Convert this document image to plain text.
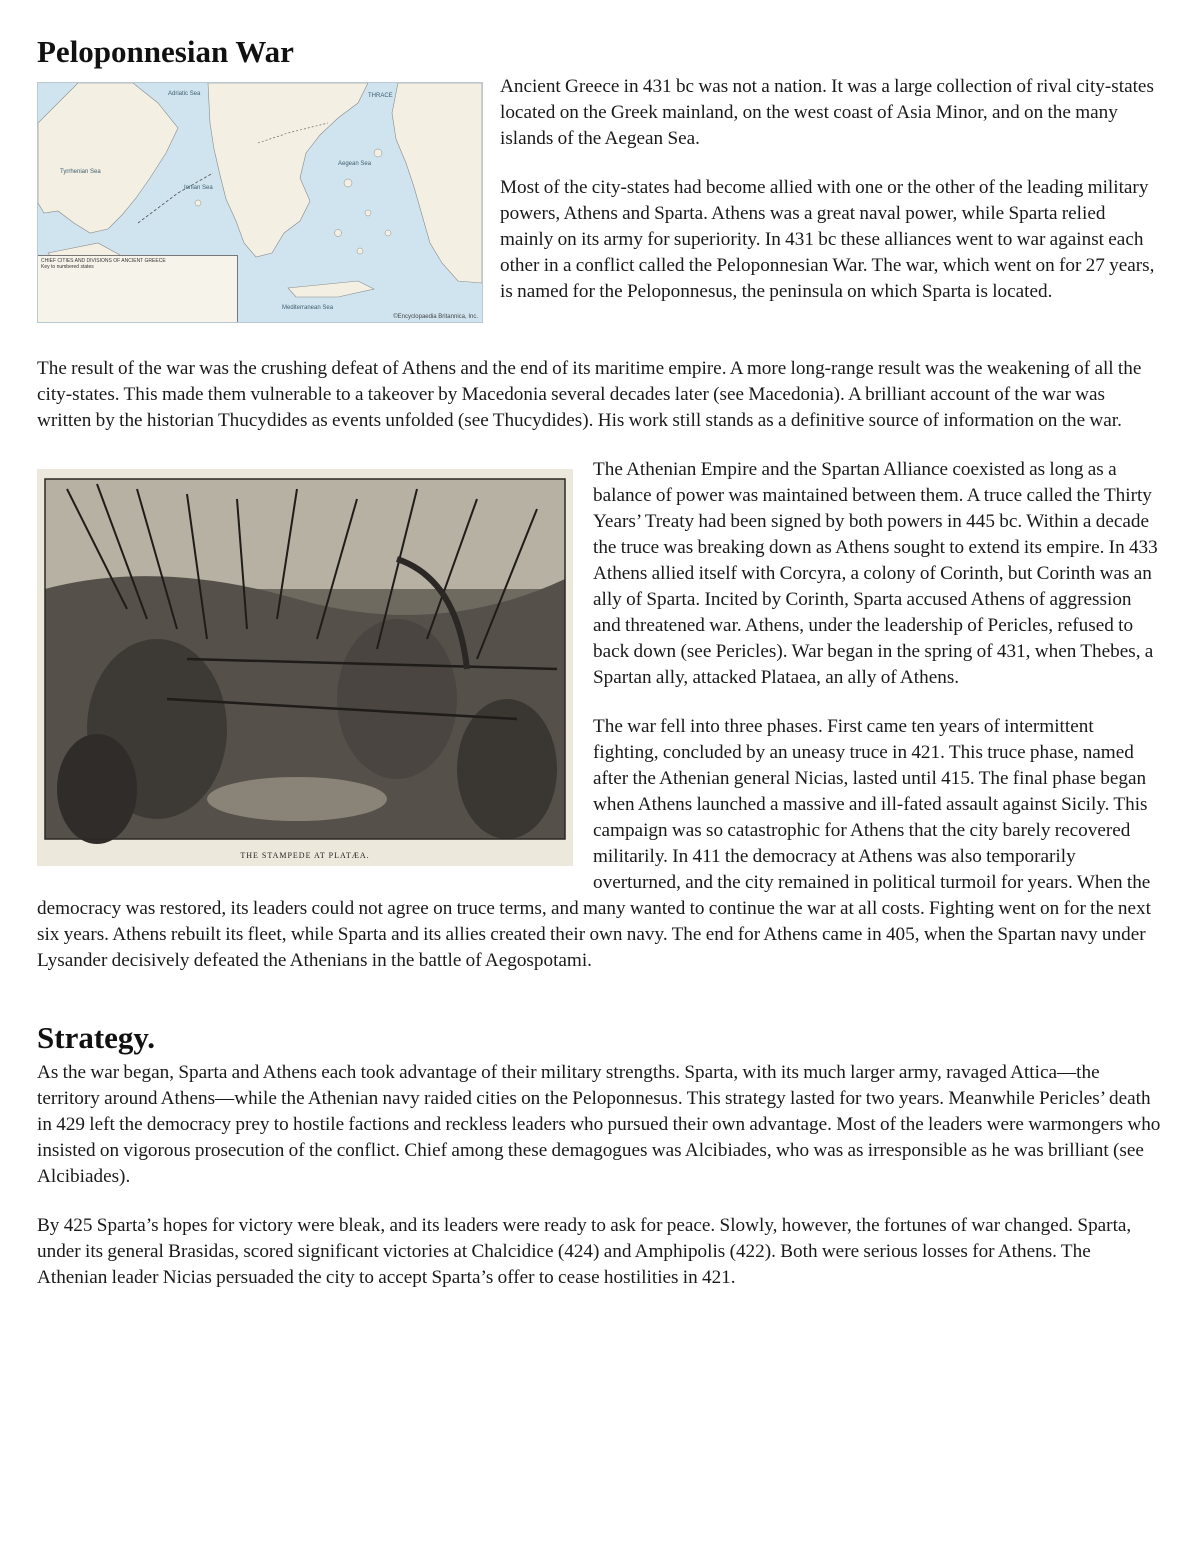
Peloponnesian War
Adriatic Sea	THRACE
Tyrrhenian Sea
Ionian Sea
Aegean Sea
Mediterranean Sea
CHIEF CITIES AND DIVISIONS OF ANCIENT GREECE
Key to numbered states
©Encyclopaedia Britannica, Inc.

Ancient Greece in 431 bc was not a nation. It was a large collection of rival city-states located on the Greek mainland, on the west coast of Asia Minor, and on the many islands of the Aegean Sea.

Most of the city-states had become allied with one or the other of the leading military powers, Athens and Sparta. Athens was a great naval power, while Sparta relied mainly on its army for superiority. In 431 bc these alliances went to war against each other in a conflict called the Peloponnesian War. The war, which went on for 27 years, is named for the Peloponnesus, the peninsula on which Sparta is located.

The result of the war was the crushing defeat of Athens and the end of its maritime empire. A more long-range result was the weakening of all the city-states. This made them vulnerable to a takeover by Macedonia several decades later (see Macedonia). A brilliant account of the war was written by the historian Thucydides as events unfolded (see Thucydides). His work still stands as a definitive source of information on the war.

THE STAMPEDE AT PLATÆA.

The Athenian Empire and the Spartan Alliance coexisted as long as a balance of power was maintained between them. A truce called the Thirty Years’ Treaty had been signed by both powers in 445 bc. Within a decade the truce was breaking down as Athens sought to extend its empire. In 433 Athens allied itself with Corcyra, a colony of Corinth, but Corinth was an ally of Sparta. Incited by Corinth, Sparta accused Athens of aggression and threatened war. Athens, under the leadership of Pericles, refused to back down (see Pericles). War began in the spring of 431, when Thebes, a Spartan ally, attacked Plataea, an ally of Athens.

The war fell into three phases. First came ten years of intermittent fighting, concluded by an uneasy truce in 421. This truce phase, named after the Athenian general Nicias, lasted until 415. The final phase began when Athens launched a massive and ill-fated assault against Sicily. This campaign was so catastrophic for Athens that the city barely recovered militarily. In 411 the democracy at Athens was also temporarily overturned, and the city remained in political turmoil for years. When the democracy was restored, its leaders could not agree on truce terms, and many wanted to continue the war at all costs. Fighting went on for the next six years. Athens rebuilt its fleet, while Sparta and its allies created their own navy. The end for Athens came in 405, when the Spartan navy under Lysander decisively defeated the Athenians in the battle of Aegospotami.

Strategy.

As the war began, Sparta and Athens each took advantage of their military strengths. Sparta, with its much larger army, ravaged Attica—the territory around Athens—while the Athenian navy raided cities on the Peloponnesus. This strategy lasted for two years. Meanwhile Pericles’ death in 429 left the democracy prey to hostile factions and reckless leaders who pursued their own advantage. Most of the leaders were warmongers who insisted on vigorous prosecution of the conflict. Chief among these demagogues was Alcibiades, who was as irresponsible as he was brilliant (see Alcibiades).

By 425 Sparta’s hopes for victory were bleak, and its leaders were ready to ask for peace. Slowly, however, the fortunes of war changed. Sparta, under its general Brasidas, scored significant victories at Chalcidice (424) and Amphipolis (422). Both were serious losses for Athens. The Athenian leader Nicias persuaded the city to accept Sparta’s offer to cease hostilities in 421.
